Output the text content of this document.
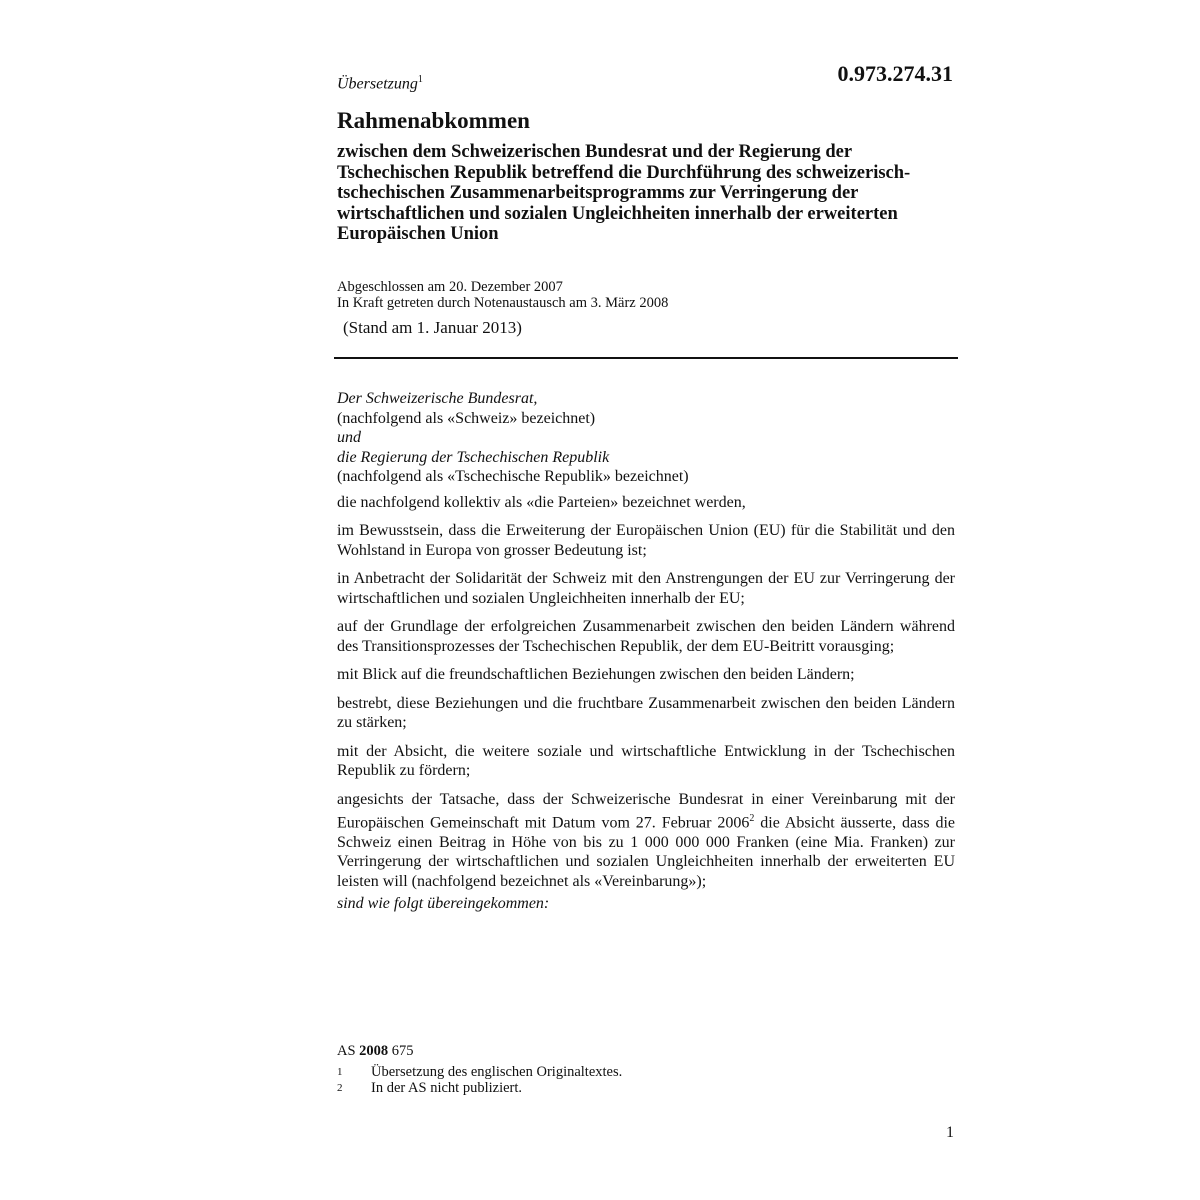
Übersetzung$^1$	0.973.274.31
Rahmenabkommen
zwischen dem Schweizerischen Bundesrat und der Regierung der Tschechischen Republik betreffend die Durchführung des schweizerisch-tschechischen Zusammenarbeitsprogramms zur Verringerung der wirtschaftlichen und sozialen Ungleichheiten innerhalb der erweiterten Europäischen Union
Abgeschlossen am 20. Dezember 2007
In Kraft getreten durch Notenaustausch am 3. März 2008
(Stand am 1. Januar 2013)
Der Schweizerische Bundesrat,
(nachfolgend als «Schweiz» bezeichnet)
und
die Regierung der Tschechischen Republik
(nachfolgend als «Tschechische Republik» bezeichnet)

die nachfolgend kollektiv als «die Parteien» bezeichnet werden,

im Bewusstsein, dass die Erweiterung der Europäischen Union (EU) für die Stabilität und den Wohlstand in Europa von grosser Bedeutung ist;

in Anbetracht der Solidarität der Schweiz mit den Anstrengungen der EU zur Verringerung der wirtschaftlichen und sozialen Ungleichheiten innerhalb der EU;

auf der Grundlage der erfolgreichen Zusammenarbeit zwischen den beiden Ländern während des Transitionsprozesses der Tschechischen Republik, der dem EU-Beitritt vorausging;

mit Blick auf die freundschaftlichen Beziehungen zwischen den beiden Ländern;

bestrebt, diese Beziehungen und die fruchtbare Zusammenarbeit zwischen den beiden Ländern zu stärken;

mit der Absicht, die weitere soziale und wirtschaftliche Entwicklung in der Tschechischen Republik zu fördern;

angesichts der Tatsache, dass der Schweizerische Bundesrat in einer Vereinbarung mit der Europäischen Gemeinschaft mit Datum vom 27. Februar 2006$^2$ die Absicht äusserte, dass die Schweiz einen Beitrag in Höhe von bis zu 1 000 000 000 Franken (eine Mia. Franken) zur Verringerung der wirtschaftlichen und sozialen Ungleichheiten innerhalb der erweiterten EU leisten will (nachfolgend bezeichnet als «Vereinbarung»);

sind wie folgt übereingekommen:

AS 2008 675
1	Übersetzung des englischen Originaltextes.
2	In der AS nicht publiziert.
1
